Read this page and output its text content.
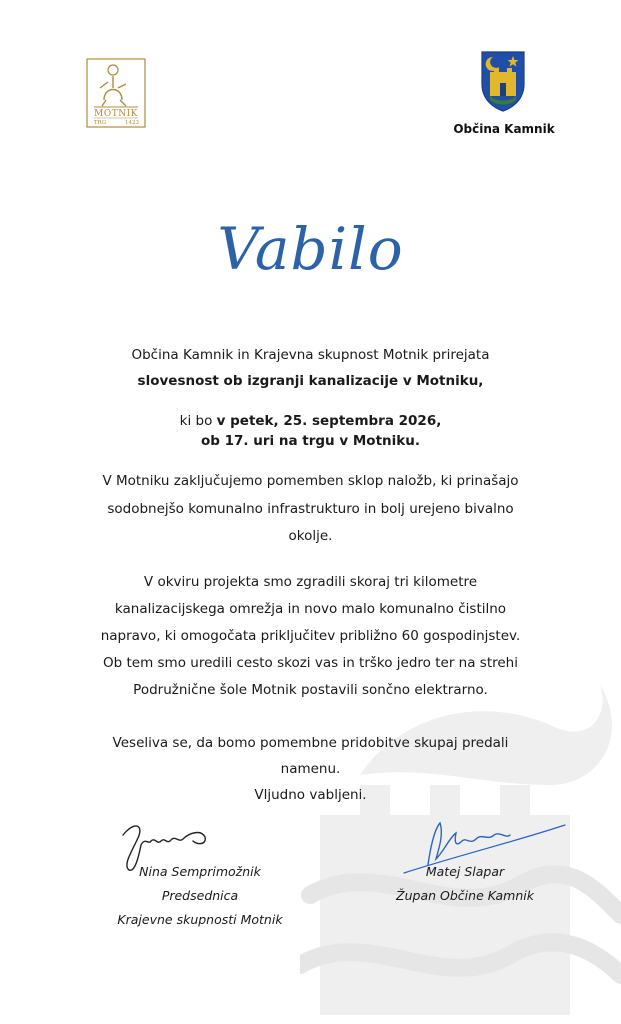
MOTNIK
TRG	1423	Občina Kamnik
Vabilo
Občina Kamnik in Krajevna skupnost Motnik prirejata
slovesnost ob izgranji kanalizacije v Motniku,
ki bo v petek, 25. septembra 2026,
ob 17. uri na trgu v Motniku.
V Motniku zaključujemo pomemben sklop naložb, ki prinašajo
sodobnejšo komunalno infrastrukturo in bolj urejeno bivalno
okolje.
V okviru projekta smo zgradili skoraj tri kilometre
kanalizacijskega omrežja in novo malo komunalno čistilno
napravo, ki omogočata priključitev približno 60 gospodinjstev.
Ob tem smo uredili cesto skozi vas in trško jedro ter na strehi
Podružnične šole Motnik postavili sončno elektrarno.
Veseliva se, da bomo pomembne pridobitve skupaj predali
namenu.
Vljudno vabljeni.
Nina Semprimožnik
Predsednica
Krajevne skupnosti Motnik
Matej Slapar
Župan Občine Kamnik
